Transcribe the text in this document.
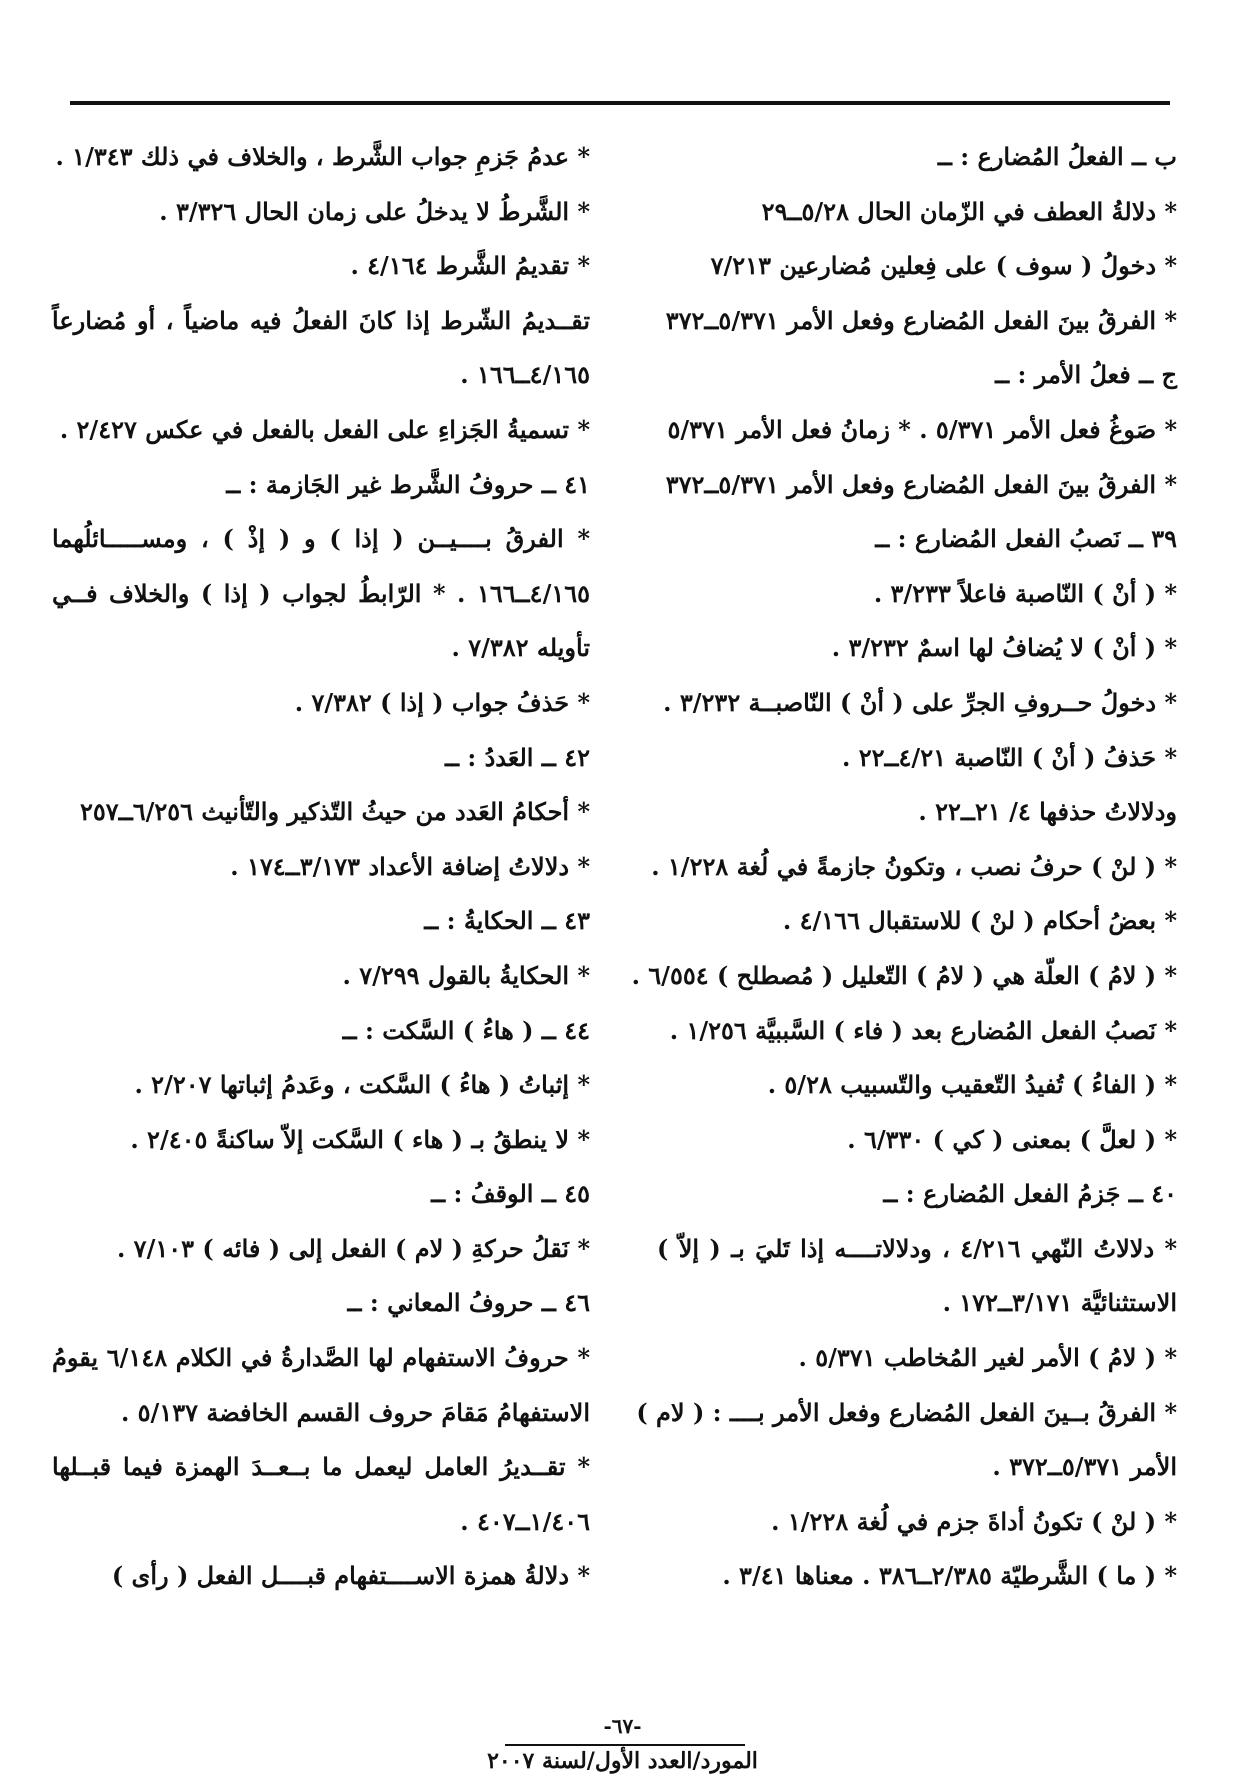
ب ــ الفعلُ المُضارع : ــ
* دلالةُ العطف في الزّمان الحال ٥/٢٨ــ٢٩
* دخولُ ( سوف ) على فِعلين مُضارعين ٧/٢١٣
* الفرقُ بينَ الفعل المُضارع وفعل الأمر ٥/٣٧١ــ٣٧٢
ج ــ فعلُ الأمر : ــ
* صَوغُ فعل الأمر ٥/٣٧١ . * زمانُ فعل الأمر ٥/٣٧١
* الفرقُ بينَ الفعل المُضارع وفعل الأمر ٥/٣٧١ــ٣٧٢
٣٩ ــ نَصبُ الفعل المُضارع : ــ
* ( أنْ ) النّاصبة فاعلاً ٣/٢٣٣ .
* ( أنْ ) لا يُضافُ لها اسمٌ ٣/٢٣٢ .
* دخولُ حــروفِ الجرِّ على ( أنْ ) النّاصبــة ٣/٢٣٢ .
* حَذفُ ( أنْ ) النّاصبة ٤/٢١ــ٢٢ .
ودلالاتُ حذفها ٤/ ٢١ــ٢٢ .
* ( لنْ ) حرفُ نصب ، وتكونُ جازمةً في لُغة ١/٢٢٨ .
* بعضُ أحكام ( لنْ ) للاستقبال ٤/١٦٦ .
* ( لامُ ) العلّة هي ( لامُ ) التّعليل ( مُصطلح ) ٦/٥٥٤ .
* نَصبُ الفعل المُضارع بعد ( فاء ) السَّببيَّة ١/٢٥٦ .
* ( الفاءُ ) تُفيدُ التّعقيب والتّسبيب ٥/٢٨ .
* ( لعلَّ ) بمعنى ( كي ) ٦/٣٣٠ .
٤٠ ــ جَزمُ الفعل المُضارع : ــ
* دلالاتُ النّهي ٤/٢١٦ ، ودلالاتــــه إذا تَليَ بـ ( إلاّ )
الاستثنائيَّة ٣/١٧١ــ١٧٢ .
* ( لامُ ) الأمر لغير المُخاطب ٥/٣٧١ .
* الفرقُ بــينَ الفعل المُضارع وفعل الأمر بــــ : ( لام )
الأمر ٥/٣٧١ــ٣٧٢ .
* ( لنْ ) تكونُ أداةَ جزم في لُغة ١/٢٢٨ .
* ( ما ) الشَّرطيّة ٢/٣٨٥ــ٣٨٦ . معناها ٣/٤١ .
* عدمُ جَزمِ جواب الشَّرط ، والخلاف في ذلك ١/٣٤٣ .
* الشَّرطُ لا يدخلُ على زمان الحال ٣/٣٢٦ .
* تقديمُ الشَّرط ٤/١٦٤ .
تقــديمُ الشّرط إذا كانَ الفعلُ فيه ماضياً ، أو مُضارعاً
٤/١٦٥ــ١٦٦ .
* تسميةُ الجَزاءِ على الفعل بالفعل في عكس ٢/٤٢٧ .
٤١ ــ حروفُ الشَّرط غير الجَازمة : ــ
* الفرقُ بــــيــن ( إذا ) و ( إذْ ) ، ومســـــائلُهما
٤/١٦٥ــ١٦٦ . * الرّابطُ لجواب ( إذا ) والخلاف فــي
تأويله ٧/٣٨٢ .
* حَذفُ جواب ( إذا ) ٧/٣٨٢ .
٤٢ ــ العَددُ : ــ
* أحكامُ العَدد من حيثُ التّذكير والتّأنيث ٦/٢٥٦ــ٢٥٧
* دلالاتُ إضافة الأعداد ٣/١٧٣ــ١٧٤ .
٤٣ ــ الحكايةُ : ــ
* الحكايةُ بالقول ٧/٢٩٩ .
٤٤ ــ ( هاءُ ) السَّكت : ــ
* إثباتُ ( هاءُ ) السَّكت ، وعَدمُ إثباتها ٢/٢٠٧ .
* لا ينطقُ بـ ( هاء ) السَّكت إلاّ ساكنةً ٢/٤٠٥ .
٤٥ ــ الوقفُ : ــ
* نَقلُ حركةِ ( لام ) الفعل إلى ( فائه ) ٧/١٠٣ .
٤٦ ــ حروفُ المعاني : ــ
* حروفُ الاستفهام لها الصَّدارةُ في الكلام ٦/١٤٨ يقومُ
الاستفهامُ مَقامَ حروف القسم الخافضة ٥/١٣٧ .
* تقــديرُ العامل ليعمل ما بــعــدَ الهمزة فيما قبــلها
١/٤٠٦ــ٤٠٧ .
* دلالةُ همزة الاســــتفهام قبــــل الفعل ( رأى )
-٦٧-
المورد/العدد الأول/لسنة ٢٠٠٧
